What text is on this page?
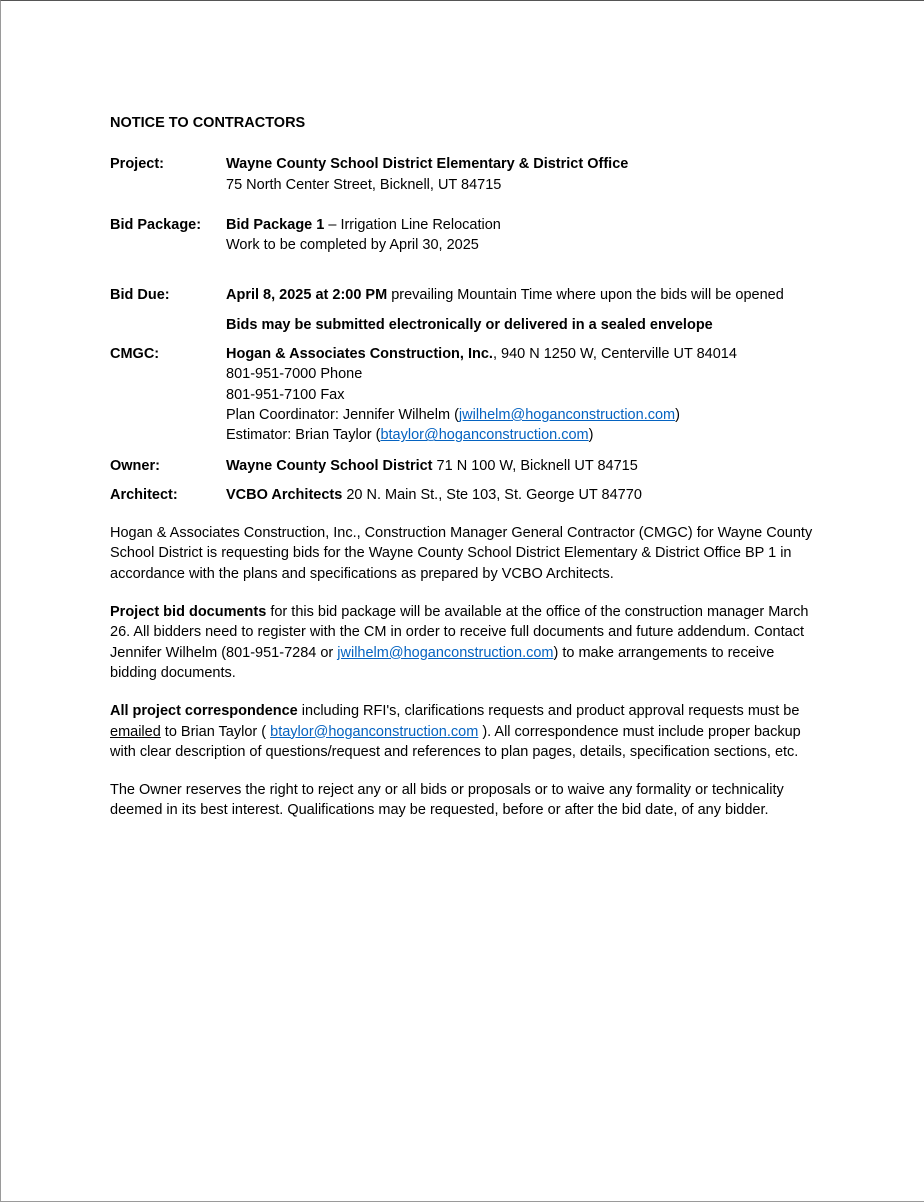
NOTICE TO CONTRACTORS
Project:	Wayne County School District Elementary & District Office
75 North Center Street, Bicknell, UT 84715
Bid Package:	Bid Package 1 – Irrigation Line Relocation
Work to be completed by April 30, 2025
Bid Due:	April 8, 2025 at 2:00 PM prevailing Mountain Time where upon the bids will be opened
Bids may be submitted electronically or delivered in a sealed envelope
CMGC:	Hogan & Associates Construction, Inc., 940 N 1250 W, Centerville UT 84014
801-951-7000 Phone
801-951-7100 Fax
Plan Coordinator: Jennifer Wilhelm (jwilhelm@hoganconstruction.com)
Estimator: Brian Taylor (btaylor@hoganconstruction.com)
Owner:	Wayne County School District 71 N 100 W, Bicknell UT 84715
Architect:	VCBO Architects 20 N. Main St., Ste 103, St. George UT 84770

Hogan & Associates Construction, Inc., Construction Manager General Contractor (CMGC) for Wayne County School District is requesting bids for the Wayne County School District Elementary & District Office BP 1 in accordance with the plans and specifications as prepared by VCBO Architects.

Project bid documents for this bid package will be available at the office of the construction manager March 26. All bidders need to register with the CM in order to receive full documents and future addendum. Contact Jennifer Wilhelm (801-951-7284 or jwilhelm@hoganconstruction.com) to make arrangements to receive bidding documents.

All project correspondence including RFI's, clarifications requests and product approval requests must be emailed to Brian Taylor ( btaylor@hoganconstruction.com ). All correspondence must include proper backup with clear description of questions/request and references to plan pages, details, specification sections, etc.

The Owner reserves the right to reject any or all bids or proposals or to waive any formality or technicality deemed in its best interest. Qualifications may be requested, before or after the bid date, of any bidder.
